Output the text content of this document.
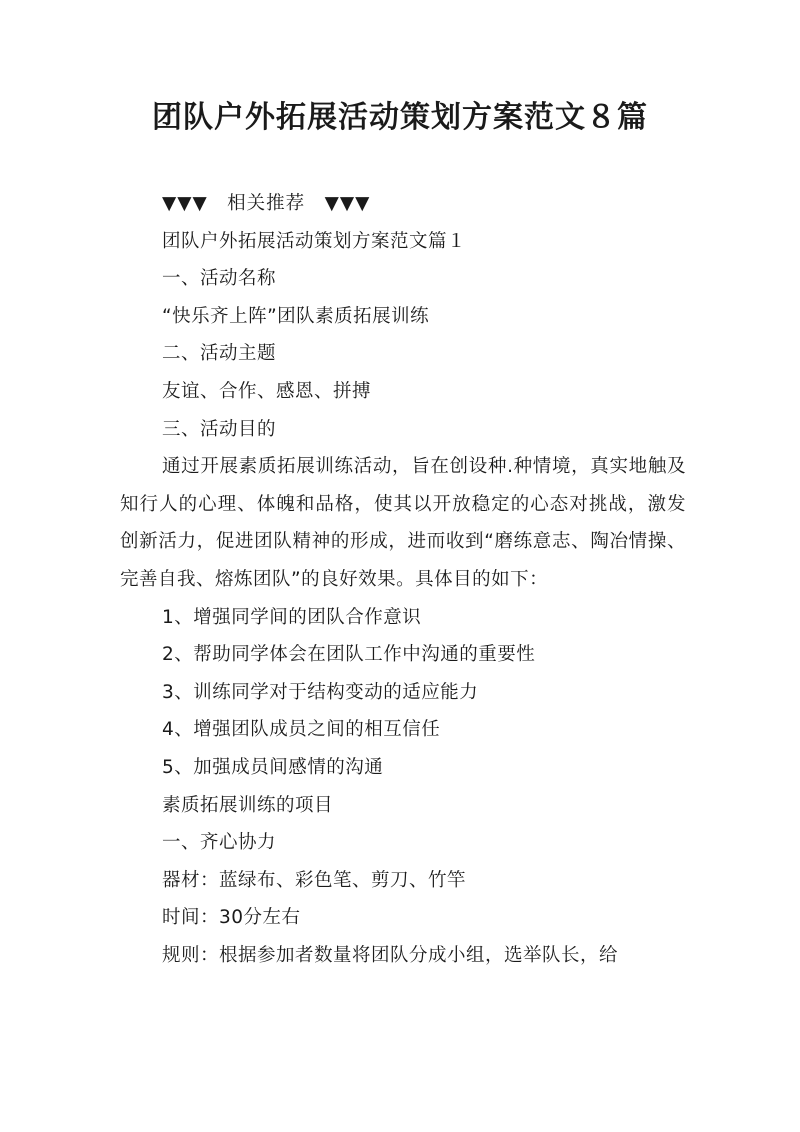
团队户外拓展活动策划方案范文８篇
▼▼▼　相关推荐　▼▼▼
团队户外拓展活动策划方案范文篇１
一、活动名称
“快乐齐上阵”团队素质拓展训练
二、活动主题
友谊、合作、感恩、拼搏
三、活动目的
通过开展素质拓展训练活动，旨在创设种.种情境，真实地触及知行人的心理、体魄和品格，使其以开放稳定的心态对挑战，激发创新活力，促进团队精神的形成，进而收到“磨练意志、陶冶情操、完善自我、熔炼团队”的良好效果。具体目的如下：
1、增强同学间的团队合作意识
2、帮助同学体会在团队工作中沟通的重要性
3、训练同学对于结构变动的适应能力
4、增强团队成员之间的相互信任
5、加强成员间感情的沟通
素质拓展训练的项目
一、齐心协力
器材：蓝绿布、彩色笔、剪刀、竹竿
时间：30分左右
规则：根据参加者数量将团队分成小组，选举队长，给
